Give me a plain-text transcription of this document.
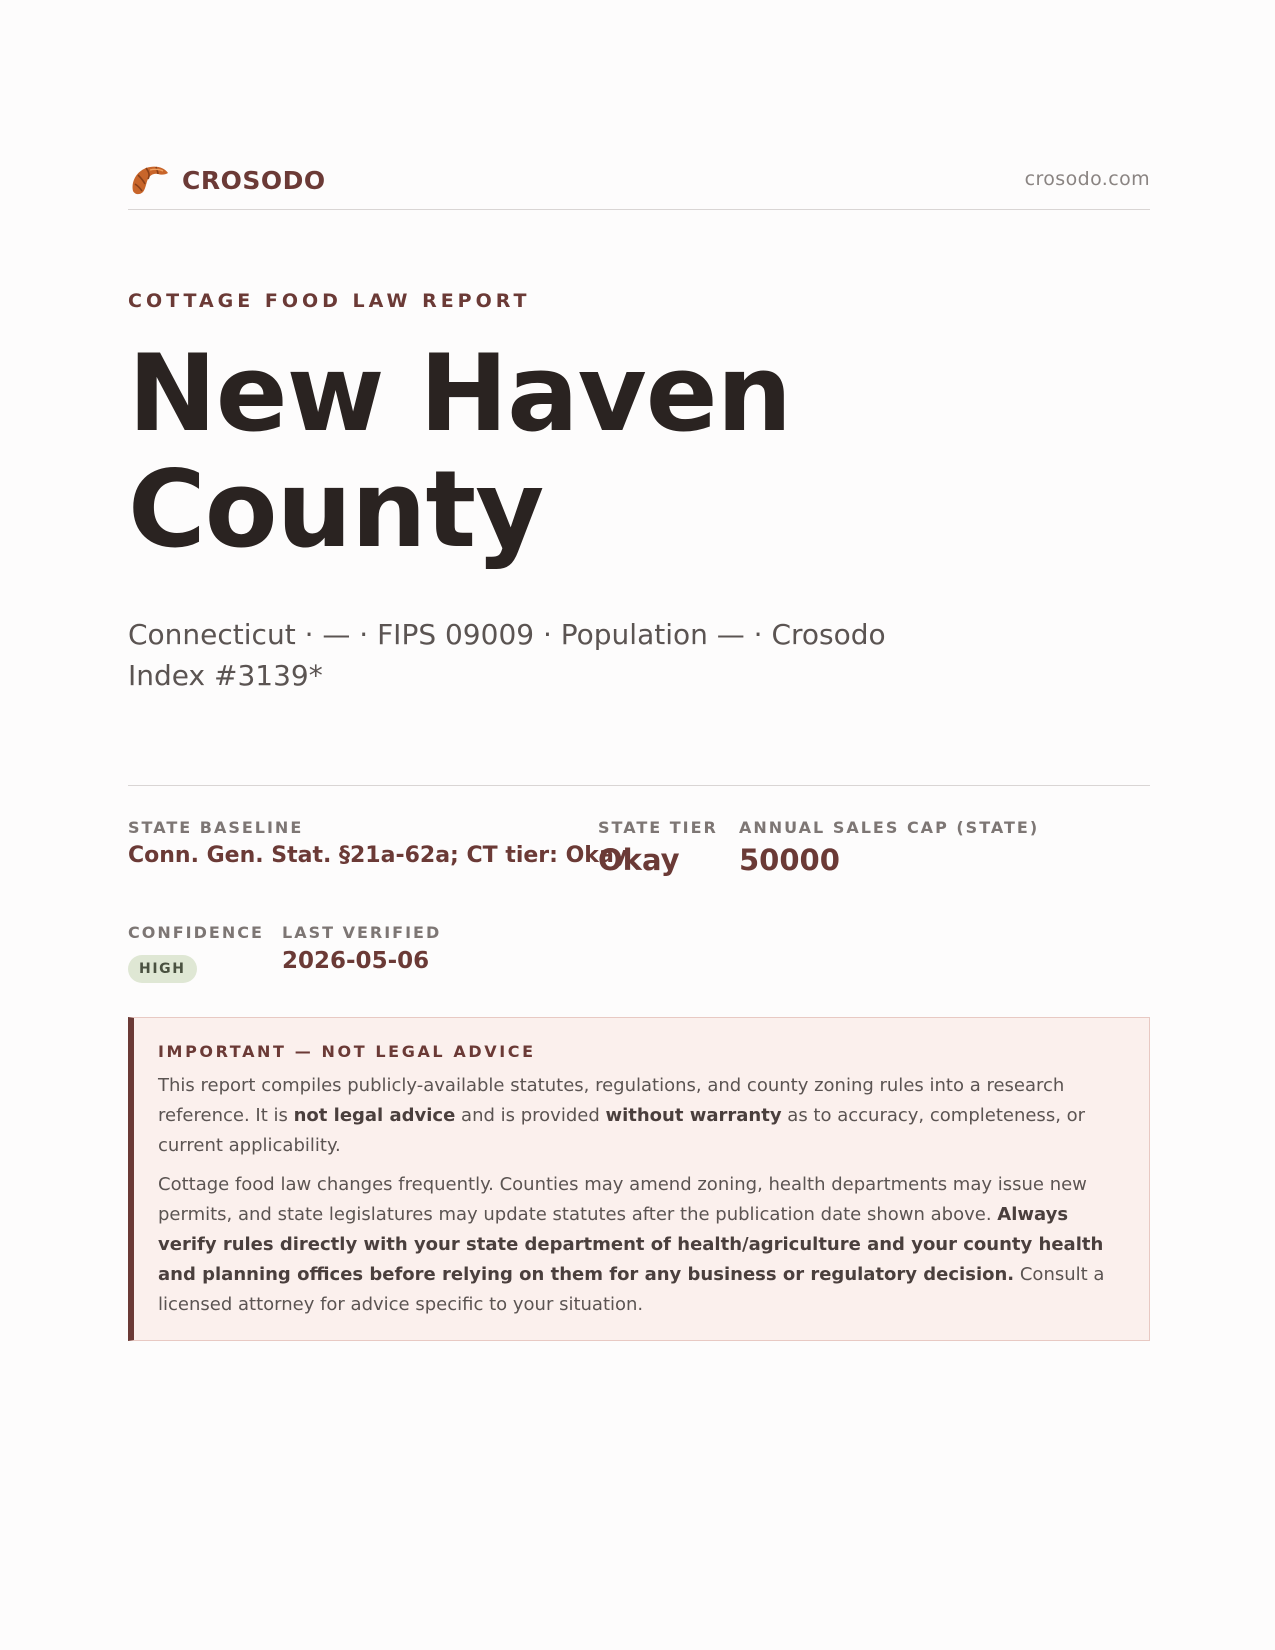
CROSODO	crosodo.com
COTTAGE FOOD LAW REPORT
New Haven County
Connecticut · — · FIPS 09009 · Population — · Crosodo Index #3139*
STATE BASELINE
Conn. Gen. Stat. §21a-62a; CT tier: Okay
STATE TIER
Okay
ANNUAL SALES CAP (STATE)
50000
CONFIDENCE
HIGH
LAST VERIFIED
2026-05-06
IMPORTANT — NOT LEGAL ADVICE

This report compiles publicly-available statutes, regulations, and county zoning rules into a research reference. It is not legal advice and is provided without warranty as to accuracy, completeness, or current applicability.

Cottage food law changes frequently. Counties may amend zoning, health departments may issue new permits, and state legislatures may update statutes after the publication date shown above. Always verify rules directly with your state department of health/agriculture and your county health and planning offices before relying on them for any business or regulatory decision. Consult a licensed attorney for advice specific to your situation.
